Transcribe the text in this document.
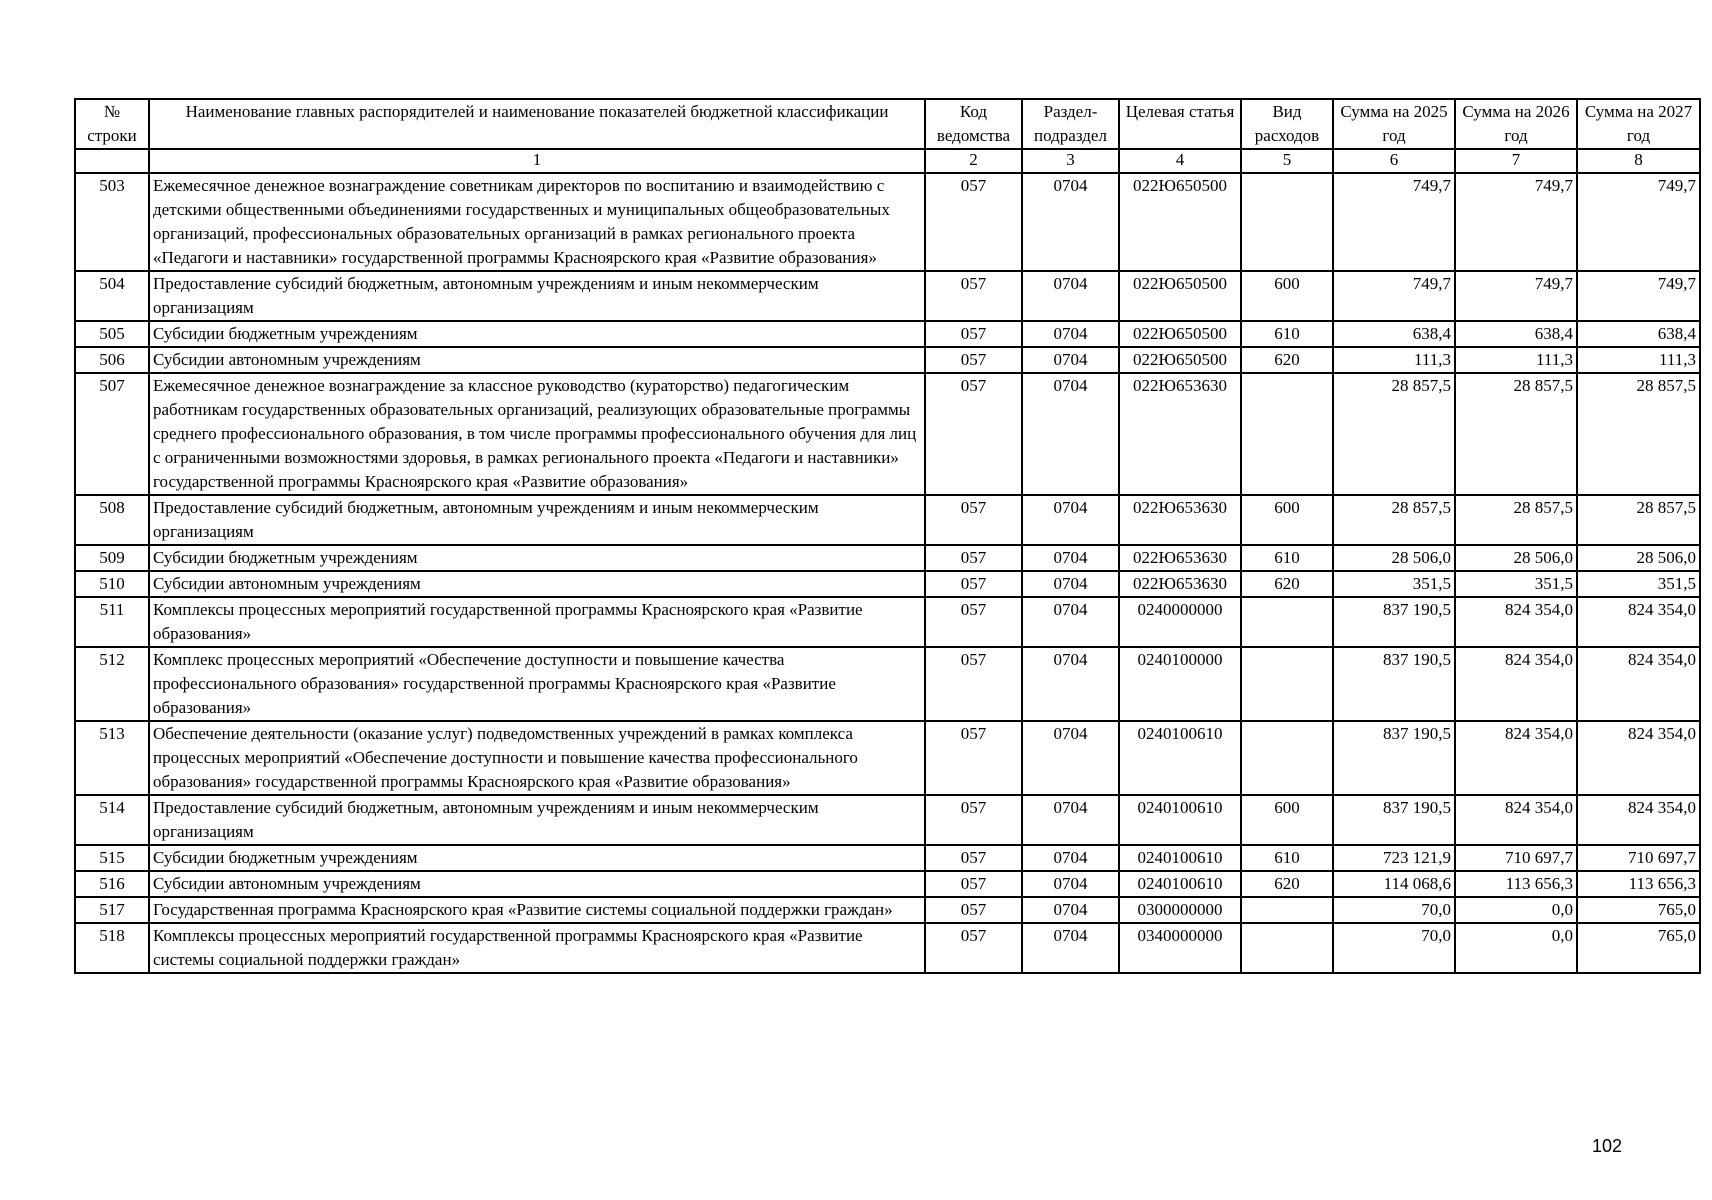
№ строки	Наименование главных распорядителей и наименование показателей бюджетной классификации	Код ведомства	Раздел- подраздел	Целевая статья	Вид расходов	Сумма на 2025 год	Сумма на 2026 год	Сумма на 2027 год
	1	2	3	4	5	6	7	8
503	Ежемесячное денежное вознаграждение советникам директоров по воспитанию и взаимодействию с детскими общественными объединениями государственных и муниципальных общеобразовательных организаций, профессиональных образовательных организаций в рамках регионального проекта «Педагоги и наставники» государственной программы Красноярского края «Развитие образования»	057	0704	022Ю650500		749,7	749,7	749,7
504	Предоставление субсидий бюджетным, автономным учреждениям и иным некоммерческим организациям	057	0704	022Ю650500	600	749,7	749,7	749,7
505	Субсидии бюджетным учреждениям	057	0704	022Ю650500	610	638,4	638,4	638,4
506	Субсидии автономным учреждениям	057	0704	022Ю650500	620	111,3	111,3	111,3
507	Ежемесячное денежное вознаграждение за классное руководство (кураторство) педагогическим работникам государственных образовательных организаций, реализующих образовательные программы среднего профессионального образования, в том числе программы профессионального обучения для лиц с ограниченными возможностями здоровья, в рамках регионального проекта «Педагоги и наставники» государственной программы Красноярского края «Развитие образования»	057	0704	022Ю653630		28 857,5	28 857,5	28 857,5
508	Предоставление субсидий бюджетным, автономным учреждениям и иным некоммерческим организациям	057	0704	022Ю653630	600	28 857,5	28 857,5	28 857,5
509	Субсидии бюджетным учреждениям	057	0704	022Ю653630	610	28 506,0	28 506,0	28 506,0
510	Субсидии автономным учреждениям	057	0704	022Ю653630	620	351,5	351,5	351,5
511	Комплексы процессных мероприятий государственной программы Красноярского края «Развитие образования»	057	0704	0240000000		837 190,5	824 354,0	824 354,0
512	Комплекс процессных мероприятий «Обеспечение доступности и повышение качества профессионального образования» государственной программы Красноярского края «Развитие образования»	057	0704	0240100000		837 190,5	824 354,0	824 354,0
513	Обеспечение деятельности (оказание услуг) подведомственных учреждений в рамках комплекса процессных мероприятий «Обеспечение доступности и повышение качества профессионального образования» государственной программы Красноярского края «Развитие образования»	057	0704	0240100610		837 190,5	824 354,0	824 354,0
514	Предоставление субсидий бюджетным, автономным учреждениям и иным некоммерческим организациям	057	0704	0240100610	600	837 190,5	824 354,0	824 354,0
515	Субсидии бюджетным учреждениям	057	0704	0240100610	610	723 121,9	710 697,7	710 697,7
516	Субсидии автономным учреждениям	057	0704	0240100610	620	114 068,6	113 656,3	113 656,3
517	Государственная программа Красноярского края «Развитие системы социальной поддержки граждан»	057	0704	0300000000		70,0	0,0	765,0
518	Комплексы процессных мероприятий государственной программы Красноярского края «Развитие системы социальной поддержки граждан»	057	0704	0340000000		70,0	0,0	765,0
102
